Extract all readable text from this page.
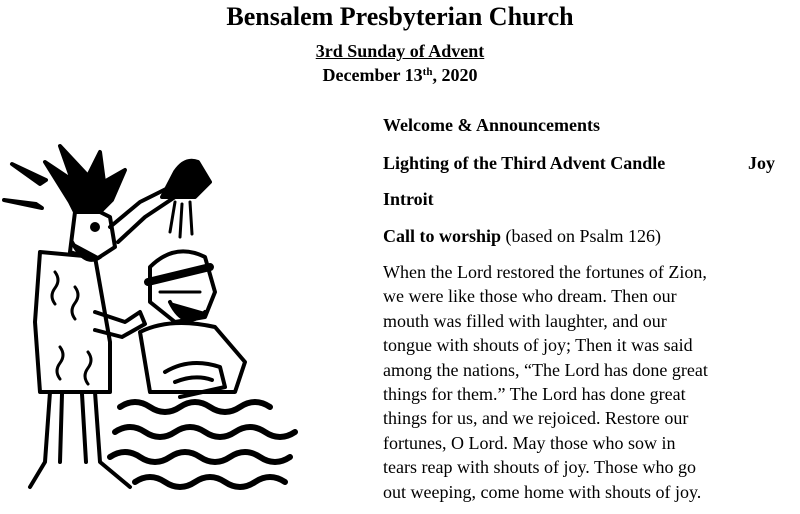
Bensalem Presbyterian Church
3rd Sunday of Advent
December 13th, 2020
Welcome & Announcements
Lighting of the Third Advent Candle	Joy
Introit
Call to worship (based on Psalm 126)
When the Lord restored the fortunes of Zion,
we were like those who dream. Then our
mouth was filled with laughter, and our
tongue with shouts of joy; Then it was said
among the nations, “The Lord has done great
things for them.” The Lord has done great
things for us, and we rejoiced. Restore our
fortunes, O Lord. May those who sow in
tears reap with shouts of joy. Those who go
out weeping, come home with shouts of joy.
